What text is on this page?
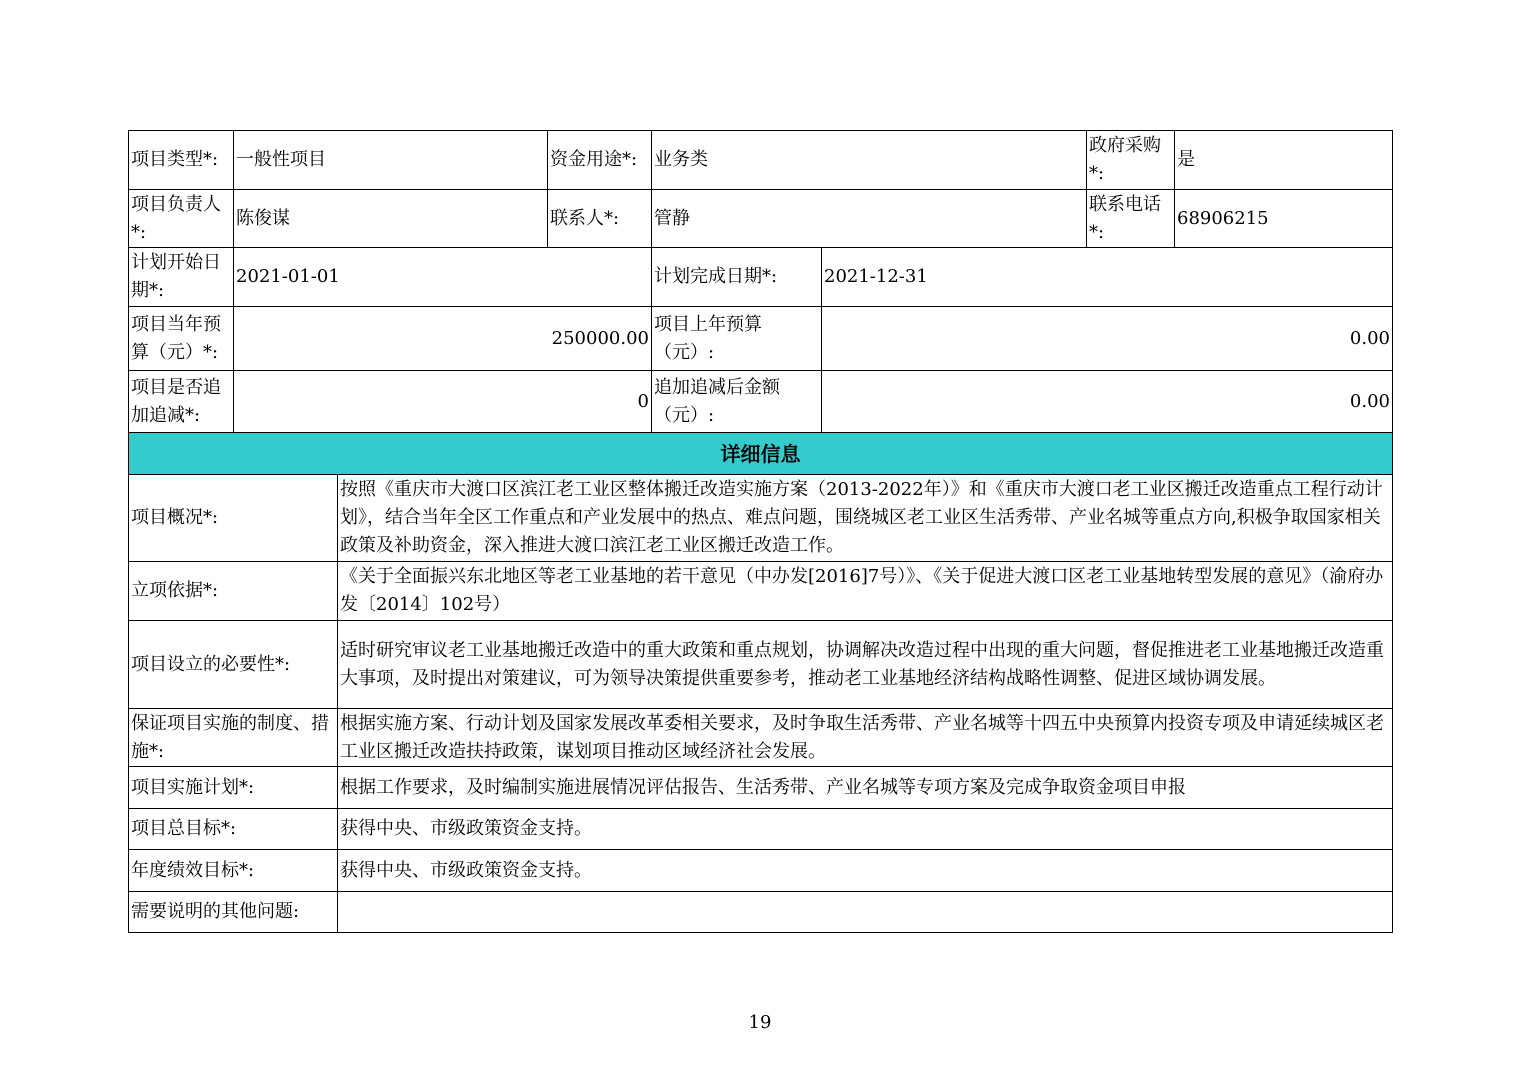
项目类型*:	一般性项目	资金用途*:	业务类		政府采购*:	是
项目负责人*:	陈俊谋	联系人*:	管静		联系电话*:	68906215
计划开始日期*:	2021-01-01		计划完成日期*:	2021-12-31		
项目当年预算（元）*:	250000.00		项目上年预算（元）:	0.00		
项目是否追加追减*:	0		追加追减后金额（元）:	0.00		
详细信息	
项目概况*:	按照《重庆市大渡口区滨江老工业区整体搬迁改造实施方案（2013-2022年）》和《重庆市大渡口老工业区搬迁改造重点工程行动计划》，结合当年全区工作重点和产业发展中的热点、难点问题，围绕城区老工业区生活秀带、产业名城等重点方向,积极争取国家相关政策及补助资金，深入推进大渡口滨江老工业区搬迁改造工作。
立项依据*:	《关于全面振兴东北地区等老工业基地的若干意见（中办发[2016]7号）》、《关于促进大渡口区老工业基地转型发展的意见》（渝府办发〔2014〕102号）
项目设立的必要性*:	适时研究审议老工业基地搬迁改造中的重大政策和重点规划，协调解决改造过程中出现的重大问题，督促推进老工业基地搬迁改造重大事项，及时提出对策建议，可为领导决策提供重要参考，推动老工业基地经济结构战略性调整、促进区域协调发展。
保证项目实施的制度、措施*:	根据实施方案、行动计划及国家发展改革委相关要求，及时争取生活秀带、产业名城等十四五中央预算内投资专项及申请延续城区老工业区搬迁改造扶持政策，谋划项目推动区域经济社会发展。
项目实施计划*:	根据工作要求，及时编制实施进展情况评估报告、生活秀带、产业名城等专项方案及完成争取资金项目申报
项目总目标*:	获得中央、市级政策资金支持。
年度绩效目标*:	获得中央、市级政策资金支持。
需要说明的其他问题:	
19
